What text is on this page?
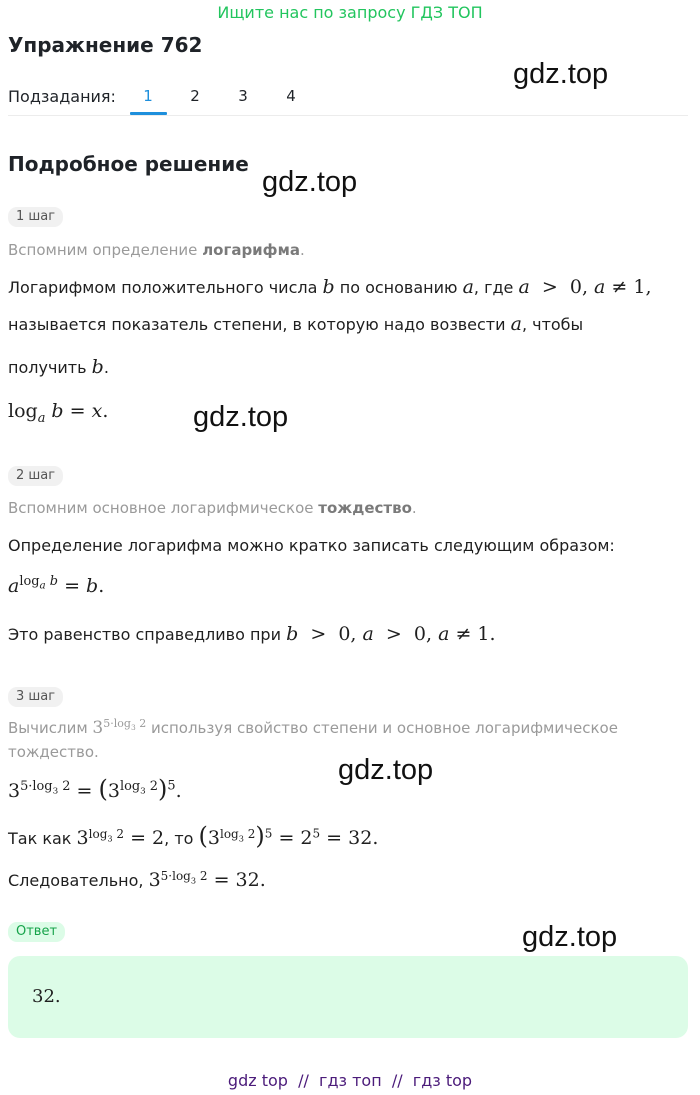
Ищите нас по запросу ГДЗ ТОП
Упражнение 762
Подзадания:	1	2	3	4
gdz.top
gdz.top
gdz.top
gdz.top
gdz.top
Подробное решение
1 шаг
Вспомним определение логарифма.
Логарифмом положительного числа b по основанию a, где a  >  0, a ≠ 1,
называется показатель степени, в которую надо возвести a, чтобы
получить b.
$\log_a b = x$.
2 шаг
Вспомним основное логарифмическое тождество.
Определение логарифма можно кратко записать следующим образом:
$a^{log_a b} = b$.
Это равенство справедливо при b  >  0, a  >  0, a ≠ 1.
3 шаг
Вычислим $3^{5\cdot log_3 2}$ используя свойство степени и основное логарифмическое
тождество.
$3^{5\cdot log_3 2} = (3^{log_3 2})^5$.
Так как $3^{log_3 2} = 2$, то $(3^{log_3 2})^5 = 2^5 = 32$.
Следовательно, $3^{5\cdot log_3 2} = 32$.
Ответ
32.
gdz top  //  гдз топ  //  гдз top
